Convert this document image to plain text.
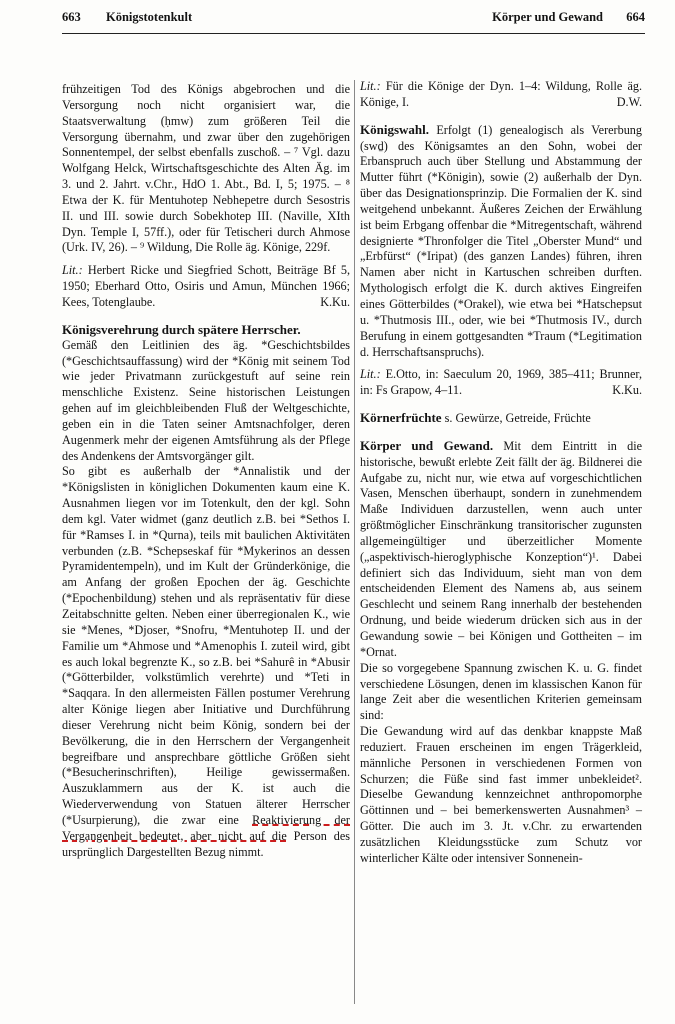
663 Königstotenkult	Körper und Gewand 664

frühzeitigen Tod des Königs abgebrochen und die Versorgung noch nicht organisiert war, die Staatsverwaltung (ḥmw) zum größeren Teil die Versorgung übernahm, und zwar über den zugehörigen Sonnentempel, der selbst ebenfalls zuschoß. – ⁷ Vgl. dazu Wolfgang Helck, Wirtschaftsgeschichte des Alten Äg. im 3. und 2. Jahrt. v.Chr., HdO 1. Abt., Bd. I, 5; 1975. – ⁸ Etwa der K. für Mentuhotep Nebhepetre durch Sesostris II. und III. sowie durch Sobekhotep III. (Naville, XIth Dyn. Temple I, 57ff.), oder für Tetischeri durch Ahmose (Urk. IV, 26). – ⁹ Wildung, Die Rolle äg. Könige, 229f.

Lit.: Herbert Ricke und Siegfried Schott, Beiträge Bf 5, 1950; Eberhard Otto, Osiris und Amun, München 1966; Kees, Totenglaube.	K.Ku.

Königsverehrung durch spätere Herrscher.

Gemäß den Leitlinien des äg. *Geschichtsbildes (*Geschichtsauffassung) wird der *König mit seinem Tod wie jeder Privatmann zurückgestuft auf seine rein menschliche Existenz. Seine historischen Leistungen gehen auf im gleichbleibenden Fluß der Weltgeschichte, geben ein in die Taten seiner Amtsnachfolger, deren Augenmerk mehr der eigenen Amtsführung als der Pflege des Andenkens der Amtsvorgänger gilt.

So gibt es außerhalb der *Annalistik und der *Königslisten in königlichen Dokumenten kaum eine K. Ausnahmen liegen vor im Totenkult, den der kgl. Sohn dem kgl. Vater widmet (ganz deutlich z.B. bei *Sethos I. für *Ramses I. in *Qurna), teils mit baulichen Aktivitäten verbunden (z.B. *Schepseskaf für *Mykerinos an dessen Pyramidentempeln), und im Kult der Gründerkönige, die am Anfang der großen Epochen der äg. Geschichte (*Epochenbildung) stehen und als repräsentativ für diese Zeitabschnitte gelten. Neben einer überregionalen K., wie sie *Menes, *Djoser, *Snofru, *Mentuhotep II. und der Familie um *Ahmose und *Amenophis I. zuteil wird, gibt es auch lokal begrenzte K., so z.B. bei *Sahurê in *Abusir (*Götterbilder, volkstümlich verehrte) und *Teti in *Saqqara. In den allermeisten Fällen postumer Verehrung alter Könige liegen aber Initiative und Durchführung dieser Verehrung nicht beim König, sondern bei der Bevölkerung, die in den Herrschern der Vergangenheit begreifbare und ansprechbare göttliche Größen sieht (*Besucherinschriften), Heilige gewissermaßen. Auszuklammern aus der K. ist auch die Wiederverwendung von Statuen älterer Herrscher (*Usurpierung), die zwar eine Reaktivierung der Vergangenheit bedeutet, aber nicht auf die Person des ursprünglich Dargestellten Bezug nimmt.

Lit.: Für die Könige der Dyn. 1–4: Wildung, Rolle äg. Könige, I.	D.W.

Königswahl. Erfolgt (1) genealogisch als Vererbung (swḏ) des Königsamtes an den Sohn, wobei der Erbanspruch auch über Stellung und Abstammung der Mutter führt (*Königin), sowie (2) außerhalb der Dyn. über das Designationsprinzip. Die Formalien der K. sind weitgehend unbekannt. Äußeres Zeichen der Erwählung ist beim Erbgang offenbar die *Mitregentschaft, während designierte *Thronfolger die Titel „Oberster Mund“ und „Erbfürst“ (*Iripat) (des ganzen Landes) führen, ihren Namen aber nicht in Kartuschen schreiben durften. Mythologisch erfolgt die K. durch aktives Eingreifen eines Götterbildes (*Orakel), wie etwa bei *Hatschepsut u. *Thutmosis III., oder, wie bei *Thutmosis IV., durch Berufung in einem gottgesandten *Traum (*Legitimation d. Herrschaftsanspruchs).

Lit.: E.Otto, in: Saeculum 20, 1969, 385–411; Brunner, in: Fs Grapow, 4–11.	K.Ku.

Körnerfrüchte s. Gewürze, Getreide, Früchte

Körper und Gewand. Mit dem Eintritt in die historische, bewußt erlebte Zeit fällt der äg. Bildnerei die Aufgabe zu, nicht nur, wie etwa auf vorgeschichtlichen Vasen, Menschen überhaupt, sondern in zunehmendem Maße Individuen darzustellen, wenn auch unter größtmöglicher Einschränkung transitorischer zugunsten allgemeingültiger und überzeitlicher Momente („aspektivisch-hieroglyphische Konzeption“)¹. Dabei definiert sich das Individuum, sieht man von dem entscheidenden Element des Namens ab, aus seinem Geschlecht und seinem Rang innerhalb der bestehenden Ordnung, und beide wiederum drücken sich aus in der Gewandung sowie – bei Königen und Gottheiten – im *Ornat.

Die so vorgegebene Spannung zwischen K. u. G. findet verschiedene Lösungen, denen im klassischen Kanon für lange Zeit aber die wesentlichen Kriterien gemeinsam sind:

Die Gewandung wird auf das denkbar knappste Maß reduziert. Frauen erscheinen im engen Trägerkleid, männliche Personen in verschiedenen Formen von Schurzen; die Füße sind fast immer unbekleidet². Dieselbe Gewandung kennzeichnet anthropomorphe Göttinnen und – bei bemerkenswerten Ausnahmen³ – Götter. Die auch im 3. Jt. v.Chr. zu erwartenden zusätzlichen Kleidungsstücke zum Schutz vor winterlicher Kälte oder intensiver Sonnenein-
